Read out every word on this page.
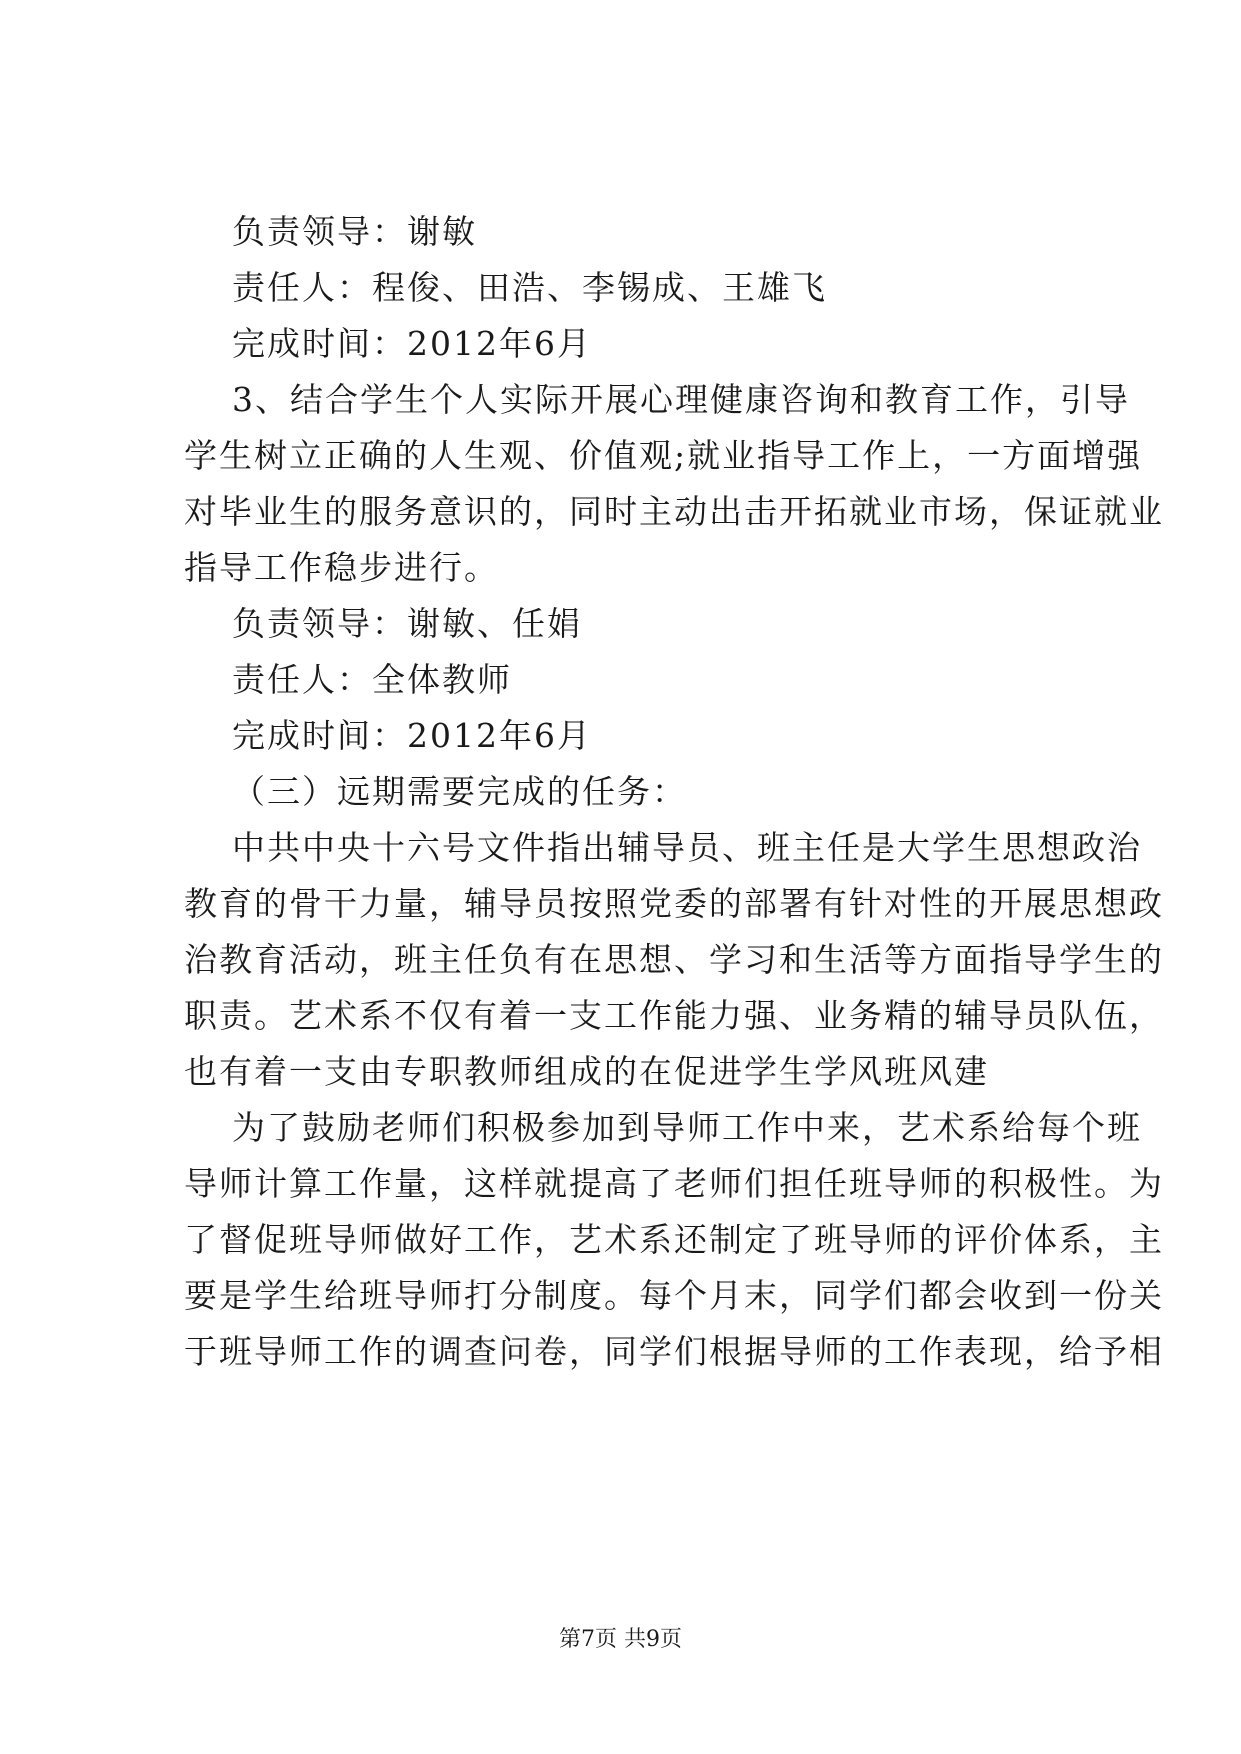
负责领导：谢敏
责任人：程俊、田浩、李锡成、王雄飞
完成时间：2012年6月
3、结合学生个人实际开展心理健康咨询和教育工作，引导
学生树立正确的人生观、价值观;就业指导工作上，一方面增强
对毕业生的服务意识的，同时主动出击开拓就业市场，保证就业
指导工作稳步进行。
负责领导：谢敏、任娟
责任人：全体教师
完成时间：2012年6月
（三）远期需要完成的任务：
中共中央十六号文件指出辅导员、班主任是大学生思想政治
教育的骨干力量，辅导员按照党委的部署有针对性的开展思想政
治教育活动，班主任负有在思想、学习和生活等方面指导学生的
职责。艺术系不仅有着一支工作能力强、业务精的辅导员队伍，
也有着一支由专职教师组成的在促进学生学风班风建
为了鼓励老师们积极参加到导师工作中来，艺术系给每个班
导师计算工作量，这样就提高了老师们担任班导师的积极性。为
了督促班导师做好工作，艺术系还制定了班导师的评价体系，主
要是学生给班导师打分制度。每个月末，同学们都会收到一份关
于班导师工作的调查问卷，同学们根据导师的工作表现，给予相
第7页 共9页
